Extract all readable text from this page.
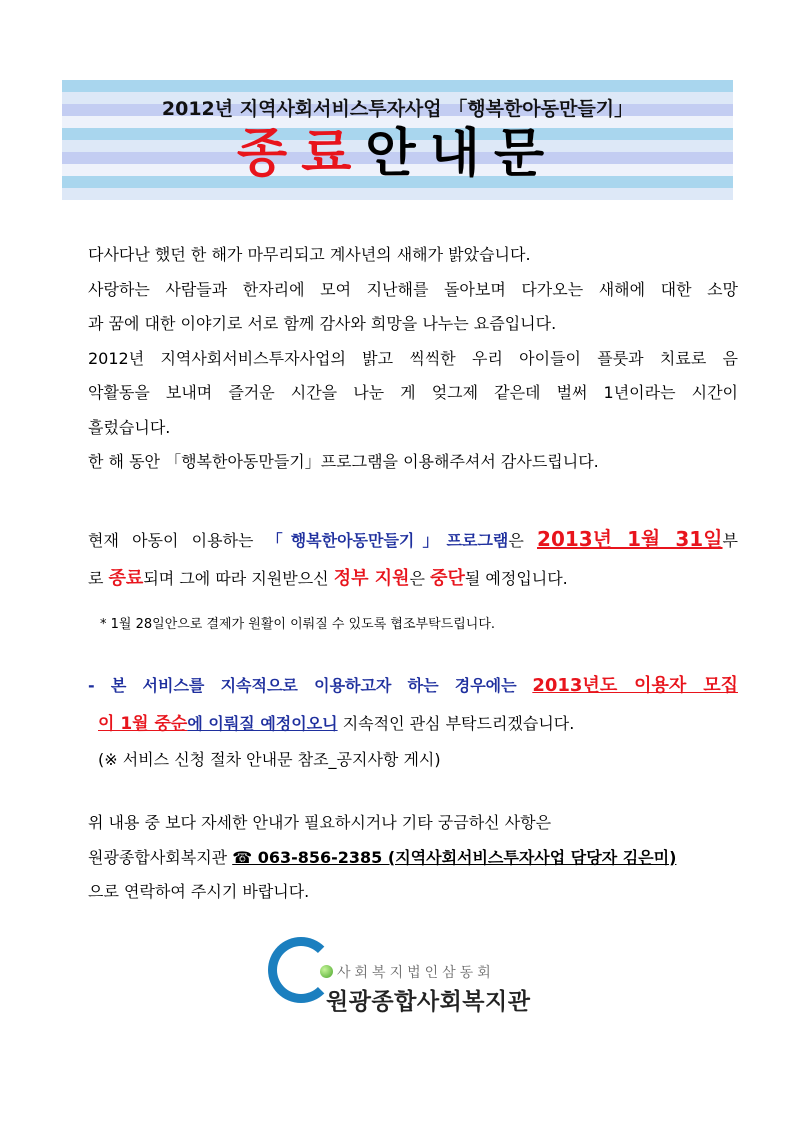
2012년 지역사회서비스투자사업 「행복한아동만들기」
종료안내문

다사다난 했던 한 해가 마무리되고 계사년의 새해가 밝았습니다.

사랑하는 사람들과 한자리에 모여 지난해를 돌아보며 다가오는 새해에 대한 소망

과 꿈에 대한 이야기로 서로 함께 감사와 희망을 나누는 요즘입니다.

2012년 지역사회서비스투자사업의 밝고 씩씩한 우리 아이들이 플룻과 치료로 음

악활동을 보내며 즐거운 시간을 나눈 게 엊그제 같은데 벌써 1년이라는 시간이

흘렀습니다.

한 해 동안 「행복한아동만들기」프로그램을 이용해주셔서 감사드립니다.

현재 아동이 이용하는 「행복한아동만들기」프로그램은 2013년 1월 31일부

로 종료되며 그에 따라 지원받으신 정부 지원은 중단될 예정입니다.

* 1월 28일안으로 결제가 원활이 이뤄질 수 있도록 협조부탁드립니다.

- 본 서비스를 지속적으로 이용하고자 하는 경우에는 2013년도 이용자 모집

이 1월 중순에 이뤄질 예정이오니 지속적인 관심 부탁드리겠습니다.

(※ 서비스 신청 절차 안내문 참조_공지사항 게시)

위 내용 중 보다 자세한 안내가 필요하시거나 기타 궁금하신 사항은

원광종합사회복지관 ☎ 063-856-2385 (지역사회서비스투자사업 담당자 김은미)

으로 연락하여 주시기 바랍니다.

사회복지법인삼동회
원광종합사회복지관
